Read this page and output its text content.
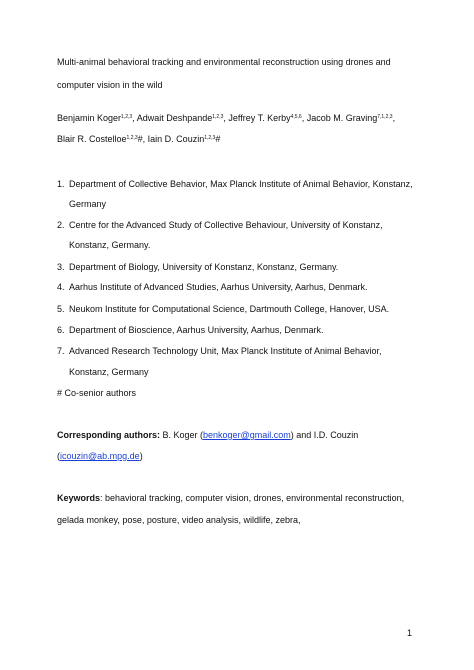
Multi-animal behavioral tracking and environmental reconstruction using drones and
computer vision in the wild
Benjamin Koger$^{1,2,3}$, Adwait Deshpande$^{1,2,3}$, Jeffrey T. Kerby$^{4,5,6}$, Jacob M. Graving$^{7,1,2,3}$,
Blair R. Costelloe$^{1,2,3}$#, Iain D. Couzin$^{1,2,3}$#
1. Department of Collective Behavior, Max Planck Institute of Animal Behavior, Konstanz,
Germany
2. Centre for the Advanced Study of Collective Behaviour, University of Konstanz,
Konstanz, Germany.
3. Department of Biology, University of Konstanz, Konstanz, Germany.
4. Aarhus Institute of Advanced Studies, Aarhus University, Aarhus, Denmark.
5. Neukom Institute for Computational Science, Dartmouth College, Hanover, USA.
6. Department of Bioscience, Aarhus University, Aarhus, Denmark.
7. Advanced Research Technology Unit, Max Planck Institute of Animal Behavior,
Konstanz, Germany
# Co-senior authors
Corresponding authors: B. Koger (benkoger@gmail.com) and I.D. Couzin
(icouzin@ab.mpg.de)
Keywords: behavioral tracking, computer vision, drones, environmental reconstruction,
gelada monkey, pose, posture, video analysis, wildlife, zebra,
1
